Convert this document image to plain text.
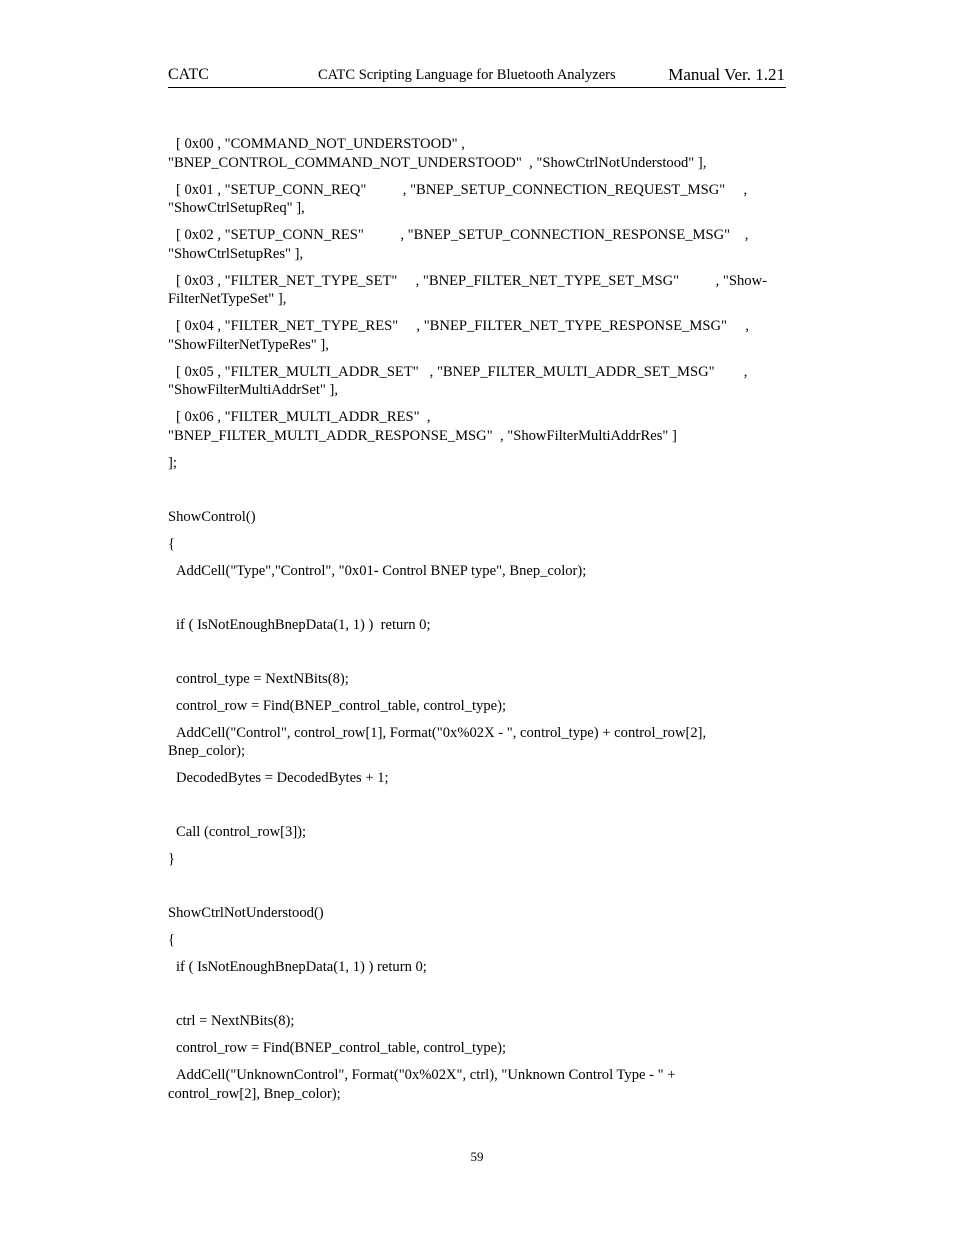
CATC	CATC Scripting Language for Bluetooth Analyzers	Manual Ver. 1.21
[ 0x00 , "COMMAND_NOT_UNDERSTOOD" ,
"BNEP_CONTROL_COMMAND_NOT_UNDERSTOOD"  , "ShowCtrlNotUnderstood" ],
[ 0x01 , "SETUP_CONN_REQ"          , "BNEP_SETUP_CONNECTION_REQUEST_MSG"     ,
"ShowCtrlSetupReq" ],
[ 0x02 , "SETUP_CONN_RES"          , "BNEP_SETUP_CONNECTION_RESPONSE_MSG"    ,
"ShowCtrlSetupRes" ],
[ 0x03 , "FILTER_NET_TYPE_SET"     , "BNEP_FILTER_NET_TYPE_SET_MSG"          , "Show-
FilterNetTypeSet" ],
[ 0x04 , "FILTER_NET_TYPE_RES"     , "BNEP_FILTER_NET_TYPE_RESPONSE_MSG"     ,
"ShowFilterNetTypeRes" ],
[ 0x05 , "FILTER_MULTI_ADDR_SET"   , "BNEP_FILTER_MULTI_ADDR_SET_MSG"        ,
"ShowFilterMultiAddrSet" ],
[ 0x06 , "FILTER_MULTI_ADDR_RES"  ,
"BNEP_FILTER_MULTI_ADDR_RESPONSE_MSG"  , "ShowFilterMultiAddrRes" ]
];
ShowControl()
{
AddCell("Type","Control", "0x01- Control BNEP type", Bnep_color);
if ( IsNotEnoughBnepData(1, 1) )  return 0;
control_type = NextNBits(8);
control_row = Find(BNEP_control_table, control_type);
AddCell("Control", control_row[1], Format("0x%02X - ", control_type) + control_row[2],
Bnep_color);
DecodedBytes = DecodedBytes + 1;
Call (control_row[3]);
}
ShowCtrlNotUnderstood()
{
if ( IsNotEnoughBnepData(1, 1) ) return 0;
ctrl = NextNBits(8);
control_row = Find(BNEP_control_table, control_type);
AddCell("UnknownControl", Format("0x%02X", ctrl), "Unknown Control Type - " +
control_row[2], Bnep_color);
59
